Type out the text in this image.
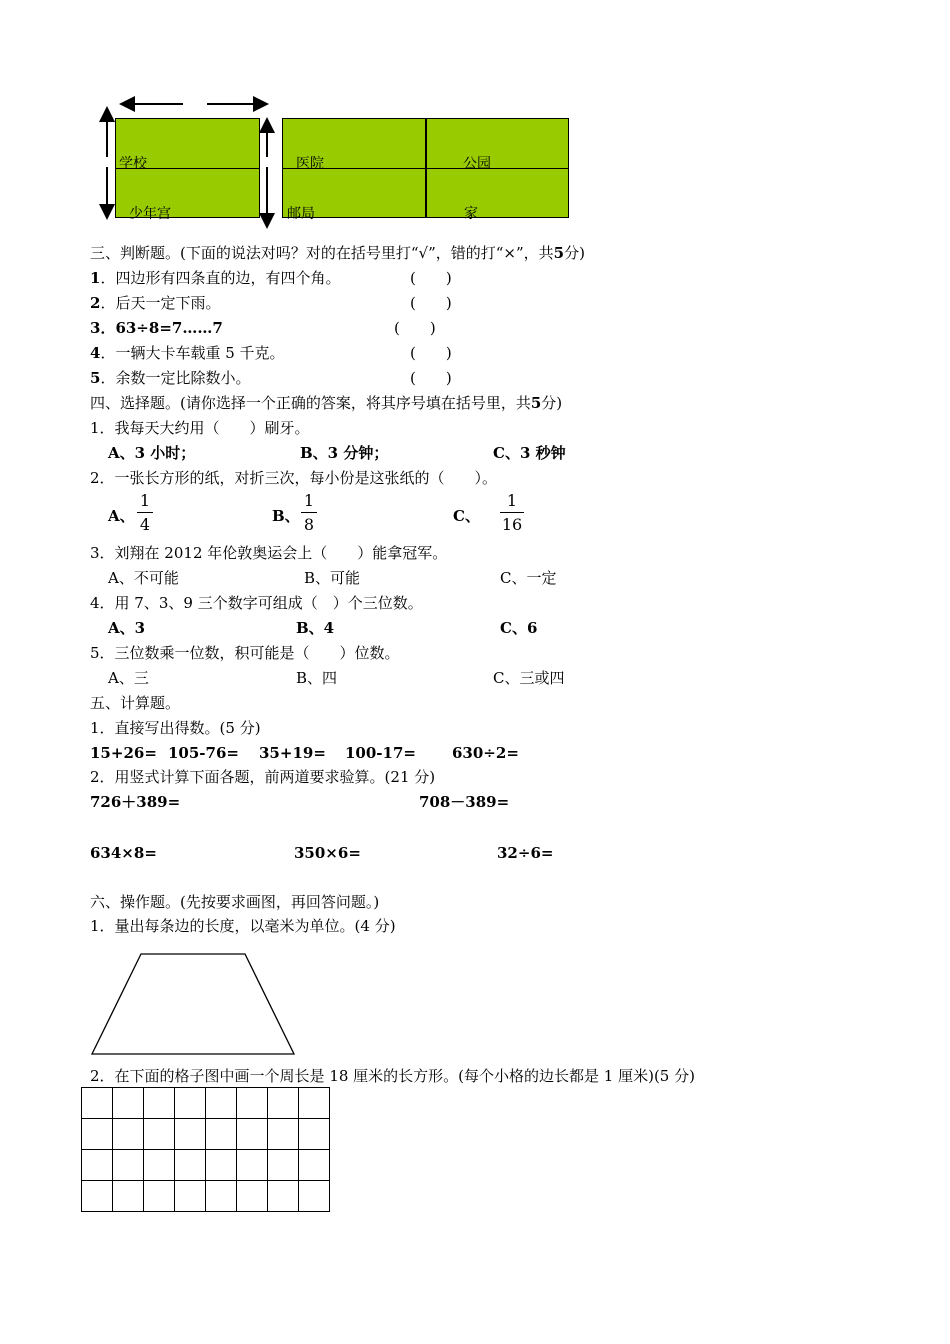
学校
少年宫
医院	公园
邮局	家
三、判断题。(下面的说法对吗？对的在括号里打“√”，错的打“×”，共5分)
1．四边形有四条直的边，有四个角。	(　　)
2．后天一定下雨。	(　　)
3．63÷8=7……7	(　　)
4．一辆大卡车载重 5 千克。	(　　)
5．余数一定比除数小。	(　　)
四、选择题。(请你选择一个正确的答案，将其序号填在括号里，共5分)
1．我每天大约用（　　）刷牙。
A、3 小时；	B、3 分钟；	C、3 秒钟
2．一张长方形的纸，对折三次，每小份是这张纸的（　　）。
A、
1
4	B、
1
8	C、
1
16
3．刘翔在 2012 年伦敦奥运会上（　　）能拿冠军。
A、不可能	B、可能	C、一定
4．用 7、3、9 三个数字可组成（　）个三位数。
A、3	B、4	C、6
5．三位数乘一位数，积可能是（　　）位数。
A、三	B、四	C、三或四
五、计算题。
1．直接写出得数。(5 分)
15+26= 105-76= 35+19= 100-17= 630÷2=
2．用竖式计算下面各题，前两道要求验算。(21 分)
726＋389=	708－389=
634×8=	350×6=	32÷6=
六、操作题。(先按要求画图，再回答问题。)
1．量出每条边的长度，以毫米为单位。(4 分)
2．在下面的格子图中画一个周长是 18 厘米的长方形。(每个小格的边长都是 1 厘米)(5 分)
